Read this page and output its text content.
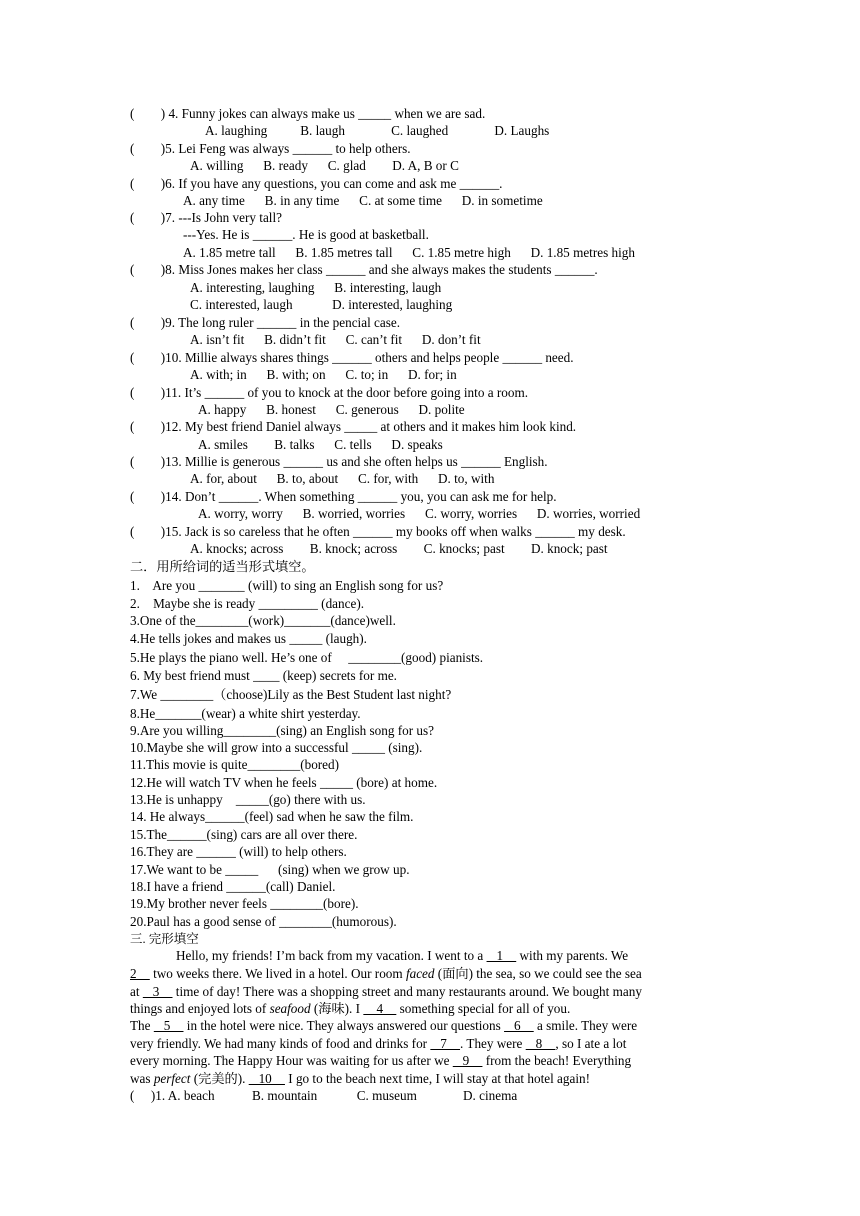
(        ) 4. Funny jokes can always make us _____ when we are sad.
A. laughing          B. laugh              C. laughed              D. Laughs
(        )5. Lei Feng was always ______ to help others.
A. willing      B. ready      C. glad        D. A, B or C
(        )6. If you have any questions, you can come and ask me ______.
A. any time      B. in any time      C. at some time      D. in sometime
(        )7. ---Is John very tall?
---Yes. He is ______. He is good at basketball.
A. 1.85 metre tall      B. 1.85 metres tall      C. 1.85 metre high      D. 1.85 metres high
(        )8. Miss Jones makes her class ______ and she always makes the students ______.
A. interesting, laughing      B. interesting, laugh
C. interested, laugh            D. interested, laughing
(        )9. The long ruler ______ in the pencial case.
A. isn’t fit      B. didn’t fit      C. can’t fit      D. don’t fit
(        )10. Millie always shares things ______ others and helps people ______ need.
A. with; in      B. with; on      C. to; in      D. for; in
(        )11. It’s ______ of you to knock at the door before going into a room.
A. happy      B. honest      C. generous      D. polite
(        )12. My best friend Daniel always _____ at others and it makes him look kind.
A. smiles        B. talks      C. tells      D. speaks
(        )13. Millie is generous ______ us and she often helps us ______ English.
A. for, about      B. to, about      C. for, with      D. to, with
(        )14. Don’t ______. When something ______ you, you can ask me for help.
A. worry, worry      B. worried, worries      C. worry, worries      D. worries, worried
(        )15. Jack is so careless that he often ______ my books off when walks ______ my desk.
A. knocks; across        B. knock; across        C. knocks; past        D. knock; past
二．用所给词的适当形式填空。
1.    Are you _______ (will) to sing an English song for us?
2.    Maybe she is ready _________ (dance).
3.One of the________(work)_______(dance)well.
4.He tells jokes and makes us _____ (laugh).
5.He plays the piano well. He’s one of     ________(good) pianists.
6. My best friend must ____ (keep) secrets for me.
7.We ________（choose)Lily as the Best Student last night?
8.He_______(wear) a white shirt yesterday.
9.Are you willing________(sing) an English song for us?
10.Maybe she will grow into a successful _____ (sing).
11.This movie is quite________(bored)
12.He will watch TV when he feels _____ (bore) at home.
13.He is unhappy    _____(go) there with us.
14. He always______(feel) sad when he saw the film.
15.The______(sing) cars are all over there.
16.They are ______ (will) to help others.
17.We want to be _____      (sing) when we grow up.
18.I have a friend ______(call) Daniel.
19.My brother never feels ________(bore).
20.Paul has a good sense of ________(humorous).
三. 完形填空
Hello, my friends! I’m back from my vacation. I went to a    1     with my parents. We
2     two weeks there. We lived in a hotel. Our room faced (面向) the sea, so we could see the sea
at    3     time of day! There was a shopping street and many restaurants around. We bought many
things and enjoyed lots of seafood (海味). I     4     something special for all of you.
The    5     in the hotel were nice. They always answered our questions    6     a smile. They were
very friendly. We had many kinds of food and drinks for    7    . They were    8    , so I ate a lot
every morning. The Happy Hour was waiting for us after we    9     from the beach! Everything
was perfect (完美的).    10     I go to the beach next time, I will stay at that hotel again!
(     )1. A. beach	B. mountain            C. museum              D. cinema
